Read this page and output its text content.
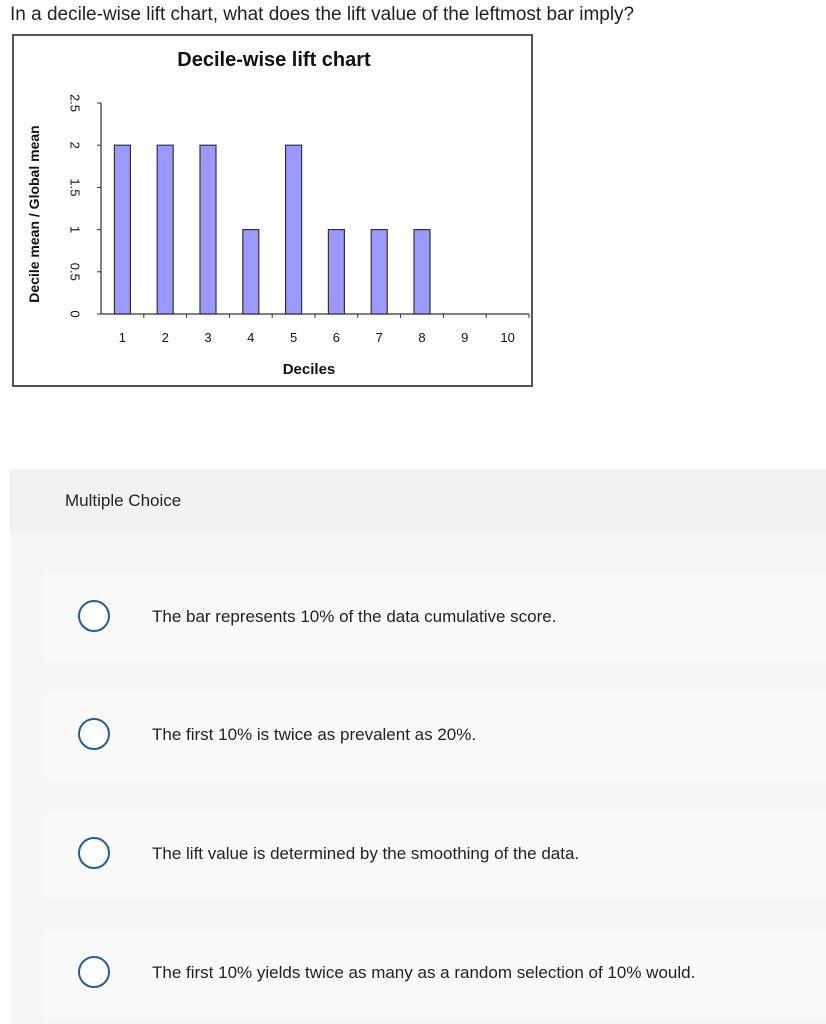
In a decile-wise lift chart, what does the lift value of the leftmost bar imply?
Decile-wise lift chart
Decile mean / Global mean
Deciles
0
0.5
1
1.5
2
2.5
1	2	3	4	5	6	7	8	9 10
Multiple Choice
The bar represents 10% of the data cumulative score.
The first 10% is twice as prevalent as 20%.
The lift value is determined by the smoothing of the data.
The first 10% yields twice as many as a random selection of 10% would.
